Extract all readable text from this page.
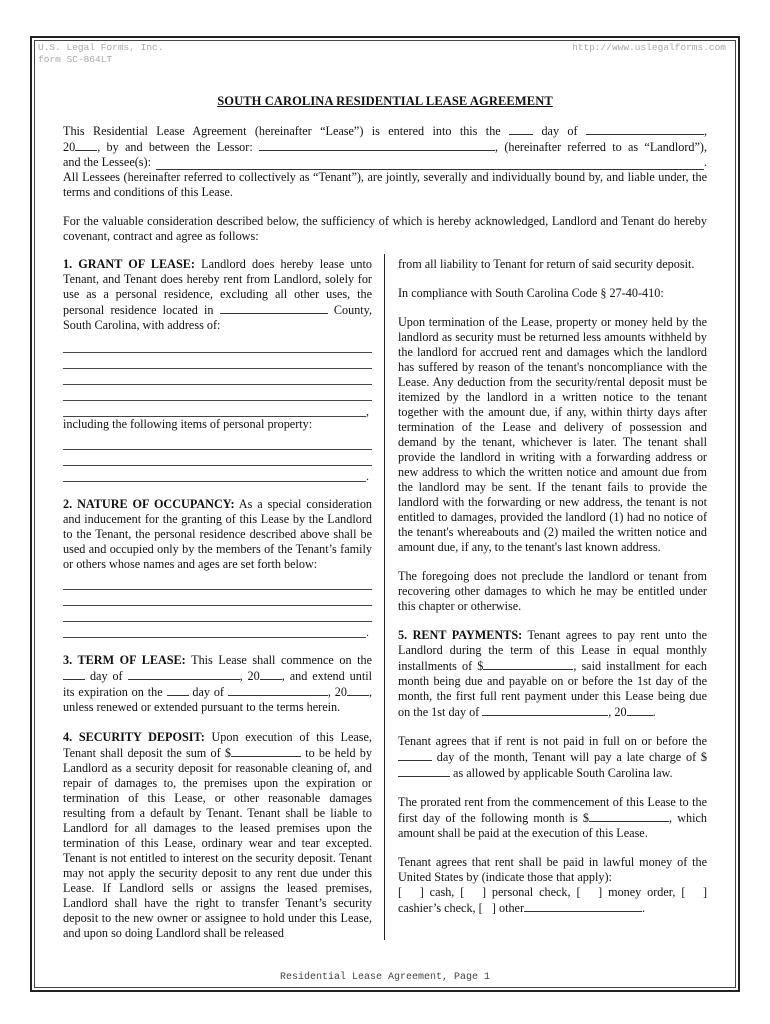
U.S. Legal Forms, Inc.
form SC-864LT
http://www.uslegalforms.com
SOUTH CAROLINA RESIDENTIAL LEASE AGREEMENT
This Residential Lease Agreement (hereinafter “Lease”) is entered into this the	day of	,
20 , by and between the Lessor:	, (hereinafter referred to as “Landlord”),
and the Lessee(s):	.

All Lessees (hereinafter referred to collectively as “Tenant”), are jointly, severally and individually bound by, and liable under, the terms and conditions of this Lease.

For the valuable consideration described below, the sufficiency of which is hereby acknowledged, Landlord and Tenant do hereby covenant, contract and agree as follows:

1. GRANT OF LEASE: Landlord does hereby lease unto Tenant, and Tenant does hereby rent from Landlord, solely for use as a personal residence, excluding all other uses, the personal residence located in	County, South Carolina, with address of:
,

including the following items of personal property:

.
2. NATURE OF OCCUPANCY: As a special consideration and inducement for the granting of this Lease by the Landlord to the Tenant, the personal residence described above shall be used and occupied only by the members of the Tenant’s family or others whose names and ages are set forth below:
.
3. TERM OF LEASE: This Lease shall commence on the  day of	, 20 , and extend until its expiration on the day of	, 20 , unless renewed or extended pursuant to the terms herein.
4. SECURITY DEPOSIT: Upon execution of this Lease, Tenant shall deposit the sum of $	to be held by Landlord as a security deposit for reasonable cleaning of, and repair of damages to, the premises upon the expiration or termination of this Lease, or other reasonable damages resulting from a default by Tenant. Tenant shall be liable to Landlord for all damages to the leased premises upon the termination of this Lease, ordinary wear and tear excepted. Tenant is not entitled to interest on the security deposit. Tenant may not apply the security deposit to any rent due under this Lease. If Landlord sells or assigns the leased premises, Landlord shall have the right to transfer Tenant’s security deposit to the new owner or assignee to hold under this Lease, and upon so doing Landlord shall be released

from all liability to Tenant for return of said security deposit.

In compliance with South Carolina Code § 27-40-410:

Upon termination of the Lease, property or money held by the landlord as security must be returned less amounts withheld by the landlord for accrued rent and damages which the landlord has suffered by reason of the tenant's noncompliance with the Lease. Any deduction from the security/rental deposit must be itemized by the landlord in a written notice to the tenant together with the amount due, if any, within thirty days after termination of the Lease and delivery of possession and demand by the tenant, whichever is later. The tenant shall provide the landlord in writing with a forwarding address or new address to which the written notice and amount due from the landlord may be sent. If the tenant fails to provide the landlord with the forwarding or new address, the tenant is not entitled to damages, provided the landlord (1) had no notice of the tenant's whereabouts and (2) mailed the written notice and amount due, if any, to the tenant's last known address.

The foregoing does not preclude the landlord or tenant from recovering other damages to which he may be entitled under this chapter or otherwise.

5. RENT PAYMENTS: Tenant agrees to pay rent unto the Landlord during the term of this Lease in equal monthly installments of $	, said installment for each month being due and payable on or before the 1st day of the month, the first full rent payment under this Lease being due on the 1st day of	, 20 .
Tenant agrees that if rent is not paid in full on or before the  day of the month, Tenant will pay a late charge of $ as allowed by applicable South Carolina law.
The prorated rent from the commencement of this Lease to the first day of the following month is $	, which amount shall be paid at the execution of this Lease.

Tenant agrees that rent shall be paid in lawful money of the United States by (indicate those that apply):

[   ] cash, [   ] personal check, [   ] money order, [   ]
cashier’s check, [   ] other	.
Residential Lease Agreement, Page 1
